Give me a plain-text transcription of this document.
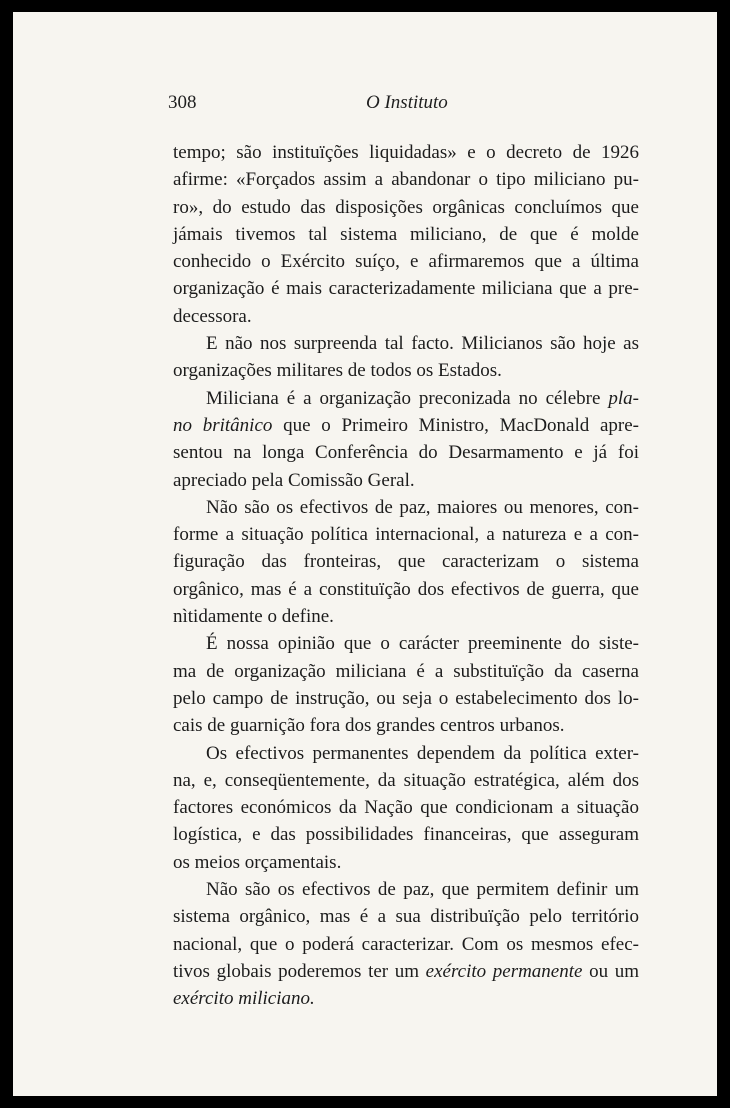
308	O Instituto
tempo; são instituïções liquidadas» e o decreto de 1926
afirme: «Forçados assim a abandonar o tipo miliciano pu-
ro», do estudo das disposições orgânicas concluímos que
jámais tivemos tal sistema miliciano, de que é molde
conhecido o Exército suíço, e afirmaremos que a última
organização é mais caracterizadamente miliciana que a pre-
decessora.
E não nos surpreenda tal facto. Milicianos são hoje as
organizações militares de todos os Estados.
Miliciana é a organização preconizada no célebre pla-
no britânico que o Primeiro Ministro, MacDonald apre-
sentou na longa Conferência do Desarmamento e já foi
apreciado pela Comissão Geral.
Não são os efectivos de paz, maiores ou menores, con-
forme a situação política internacional, a natureza e a con-
figuração das fronteiras, que caracterizam o sistema
orgânico, mas é a constituïção dos efectivos de guerra, que
nìtidamente o define.
É nossa opinião que o carácter preeminente do siste-
ma de organização miliciana é a substituïção da caserna
pelo campo de instrução, ou seja o estabelecimento dos lo-
cais de guarnição fora dos grandes centros urbanos.
Os efectivos permanentes dependem da política exter-
na, e, conseqüentemente, da situação estratégica, além dos
factores económicos da Nação que condicionam a situação
logística, e das possibilidades financeiras, que asseguram
os meios orçamentais.
Não são os efectivos de paz, que permitem definir um
sistema orgânico, mas é a sua distribuïção pelo território
nacional, que o poderá caracterizar. Com os mesmos efec-
tivos globais poderemos ter um exército permanente ou um
exército miliciano.
